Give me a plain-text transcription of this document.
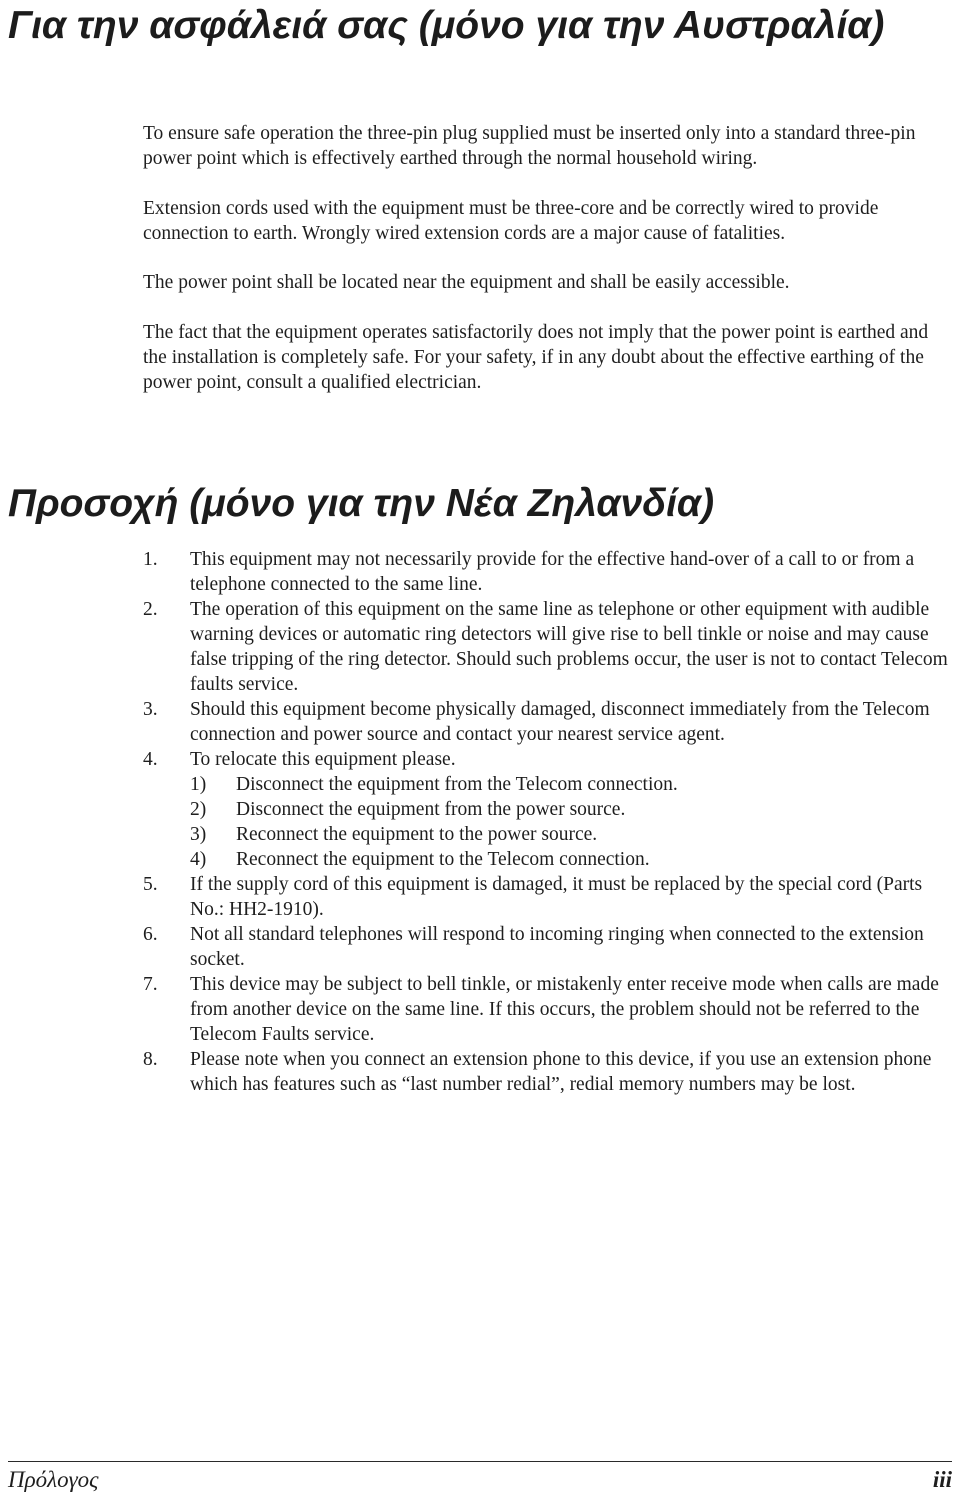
Για την ασφάλειά σας (μόνο για την Αυστραλία)

To ensure safe operation the three-pin plug supplied must be inserted only into a standard three-pin power point which is effectively earthed through the normal household wiring.

Extension cords used with the equipment must be three-core and be correctly wired to provide connection to earth. Wrongly wired extension cords are a major cause of fatalities.

The power point shall be located near the equipment and shall be easily accessible.

The fact that the equipment operates satisfactorily does not imply that the power point is earthed and the installation is completely safe. For your safety, if in any doubt about the effective earthing of the power point, consult a qualified electrician.

Προσοχή (μόνο για την Νέα Ζηλανδία)
1. This equipment may not necessarily provide for the effective hand-over of a call to or from a telephone connected to the same line.
2. The operation of this equipment on the same line as telephone or other equipment with audible warning devices or automatic ring detectors will give rise to bell tinkle or noise and may cause false tripping of the ring detector. Should such problems occur, the user is not to contact Telecom faults service.
3. Should this equipment become physically damaged, disconnect immediately from the Telecom connection and power source and contact your nearest service agent.
4. To relocate this equipment please.
1) Disconnect the equipment from the Telecom connection.
2) Disconnect the equipment from the power source.
3) Reconnect the equipment to the power source.
4) Reconnect the equipment to the Telecom connection.
5. If the supply cord of this equipment is damaged, it must be replaced by the special cord (Parts No.: HH2-1910).
6. Not all standard telephones will respond to incoming ringing when connected to the extension socket.
7. This device may be subject to bell tinkle, or mistakenly enter receive mode when calls are made from another device on the same line. If this occurs, the problem should not be referred to the Telecom Faults service.
8. Please note when you connect an extension phone to this device, if you use an extension phone which has features such as “last number redial”, redial memory numbers may be lost.
Πρόλογος	iii
